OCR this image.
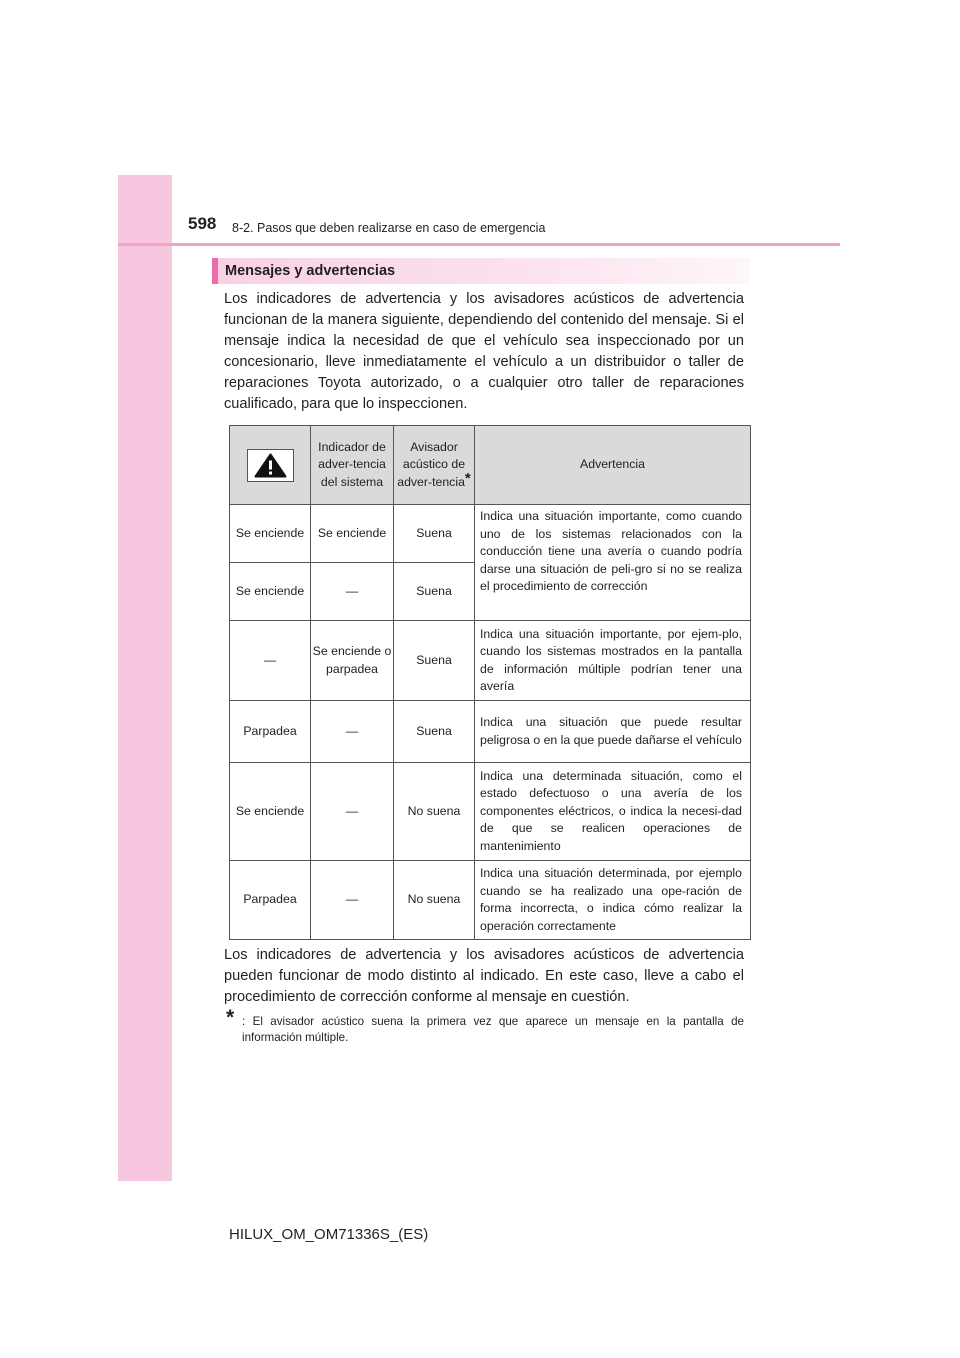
598 8-2. Pasos que deben realizarse en caso de emergencia
Mensajes y advertencias

Los indicadores de advertencia y los avisadores acústicos de advertencia funcionan de la manera siguiente, dependiendo del contenido del mensaje. Si el mensaje indica la necesidad de que el vehículo sea inspeccionado por un concesionario, lleve inmediatamente el vehículo a un distribuidor o taller de reparaciones Toyota autorizado, o a cualquier otro taller de reparaciones cualificado, para que lo inspeccionen.

	Indicador de adver-tencia del sistema	Avisador acústico de adver-tencia*	Advertencia
Se enciende	Se enciende	Suena	Indica una situación importante, como cuando uno de los sistemas relacionados con la conducción tiene una avería o cuando podría darse una situación de peli-gro si no se realiza el procedimiento de corrección
Se enciende	—	Suena	
—	Se enciende o parpadea	Suena	Indica una situación importante, por ejem-plo, cuando los sistemas mostrados en la pantalla de información múltiple podrían tener una avería
Parpadea	—	Suena	Indica una situación que puede resultar peligrosa o en la que puede dañarse el vehículo
Se enciende	—	No suena	Indica una determinada situación, como el estado defectuoso o una avería de los componentes eléctricos, o indica la necesi-dad de que se realicen operaciones de mantenimiento
Parpadea	—	No suena	Indica una situación determinada, por ejemplo cuando se ha realizado una ope-ración de forma incorrecta, o indica cómo realizar la operación correctamente

Los indicadores de advertencia y los avisadores acústicos de advertencia pueden funcionar de modo distinto al indicado. En este caso, lleve a cabo el procedimiento de corrección conforme al mensaje en cuestión.

* : El avisador acústico suena la primera vez que aparece un mensaje en la pantalla de información múltiple.
HILUX_OM_OM71336S_(ES)
